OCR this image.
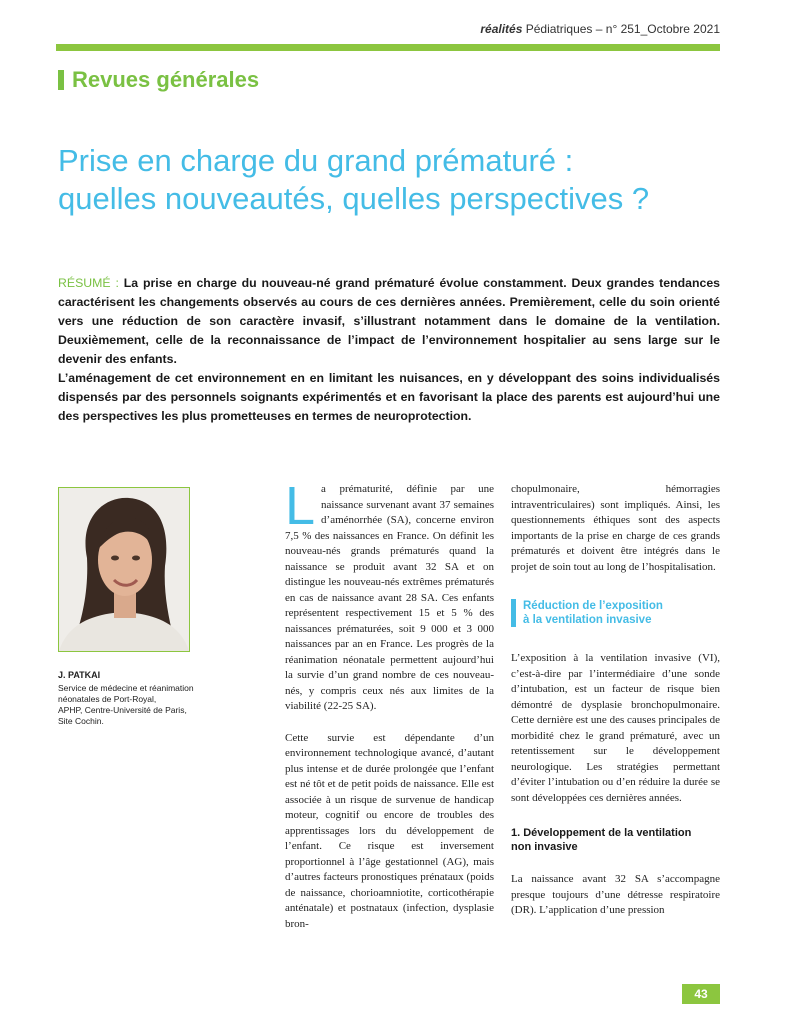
réalités Pédiatriques – n° 251_Octobre 2021
Revues générales
Prise en charge du grand prématuré :
quelles nouveautés, quelles perspectives ?

RÉSUMÉ : La prise en charge du nouveau-né grand prématuré évolue constamment. Deux grandes tendances caractérisent les changements observés au cours de ces dernières années. Premièrement, celle du soin orienté vers une réduction de son caractère invasif, s’illustrant notamment dans le domaine de la ventilation. Deuxièmement, celle de la reconnaissance de l’impact de l’environnement hospitalier au sens large sur le devenir des enfants.

L’aménagement de cet environnement en en limitant les nuisances, en y développant des soins individualisés dispensés par des personnels soignants expérimentés et en favorisant la place des parents est aujourd’hui une des perspectives les plus prometteuses en termes de neuroprotection.

J. PATKAI
Service de médecine et réanimation
néonatales de Port-Royal,
APHP, Centre-Université de Paris,
Site Cochin.

La prématurité, définie par une naissance survenant avant 37 semaines d’aménorrhée (SA), concerne environ 7,5 % des naissances en France. On définit les nouveau-nés grands prématurés quand la naissance se produit avant 32 SA et on distingue les nouveau-nés extrêmes prématurés en cas de naissance avant 28 SA. Ces enfants représentent respectivement 15 et 5 % des naissances prématurées, soit 9 000 et 3 000 naissances par an en France. Les progrès de la réanimation néonatale permettent aujourd’hui la survie d’un grand nombre de ces nouveau-nés, y compris ceux nés aux limites de la viabilité (22-25 SA).

Cette survie est dépendante d’un environnement technologique avancé, d’autant plus intense et de durée prolongée que l’enfant est né tôt et de petit poids de naissance. Elle est associée à un risque de survenue de handicap moteur, cognitif ou encore de troubles des apprentissages lors du développement de l’enfant. Ce risque est inversement proportionnel à l’âge gestationnel (AG), mais d’autres facteurs pronostiques prénataux (poids de naissance, chorioamniotite, corticothérapie anténatale) et postnataux (infection, dysplasie bron-

chopulmonaire, hémorragies intraventriculaires) sont impliqués. Ainsi, les questionnements éthiques sont des aspects importants de la prise en charge de ces grands prématurés et doivent être intégrés dans le projet de soin tout au long de l’hospitalisation.

Réduction de l’exposition
à la ventilation invasive

L’exposition à la ventilation invasive (VI), c’est-à-dire par l’intermédiaire d’une sonde d’intubation, est un facteur de risque bien démontré de dysplasie bronchopulmonaire. Cette dernière est une des causes principales de morbidité chez le grand prématuré, avec un retentissement sur le développement neurologique. Les stratégies permettant d’éviter l’intubation ou d’en réduire la durée se sont développées ces dernières années.

1. Développement de la ventilation
non invasive

La naissance avant 32 SA s’accompagne presque toujours d’une détresse respiratoire (DR). L’application d’une pression

43
